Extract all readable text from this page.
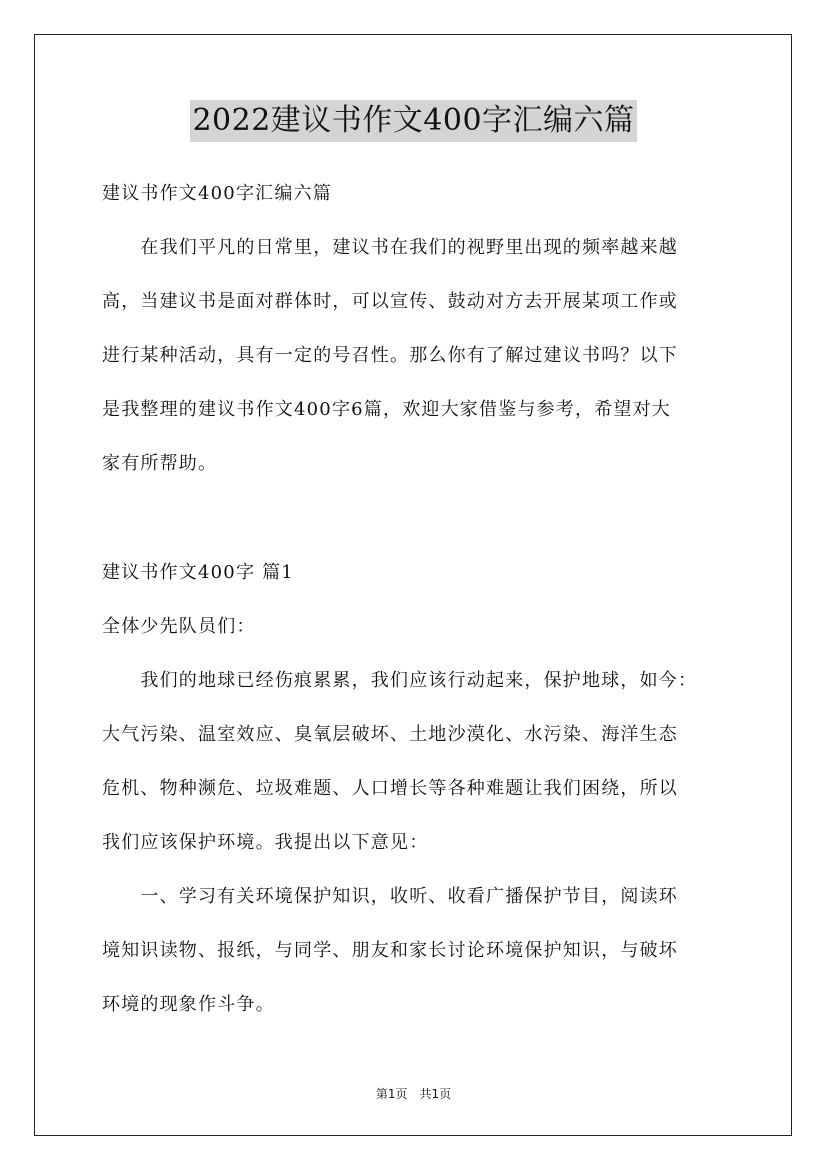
2022建议书作文400字汇编六篇
建议书作文400字汇编六篇
　　在我们平凡的日常里，建议书在我们的视野里出现的频率越来越
高，当建议书是面对群体时，可以宣传、鼓动对方去开展某项工作或
进行某种活动，具有一定的号召性。那么你有了解过建议书吗？以下
是我整理的建议书作文400字6篇，欢迎大家借鉴与参考，希望对大
家有所帮助。
建议书作文400字 篇1
全体少先队员们：
　　我们的地球已经伤痕累累，我们应该行动起来，保护地球，如今：
大气污染、温室效应、臭氧层破坏、土地沙漠化、水污染、海洋生态
危机、物种濒危、垃圾难题、人口增长等各种难题让我们困绕，所以
我们应该保护环境。我提出以下意见：
　　一、学习有关环境保护知识，收听、收看广播保护节目，阅读环
境知识读物、报纸，与同学、朋友和家长讨论环境保护知识，与破坏
环境的现象作斗争。
第1页　共1页
